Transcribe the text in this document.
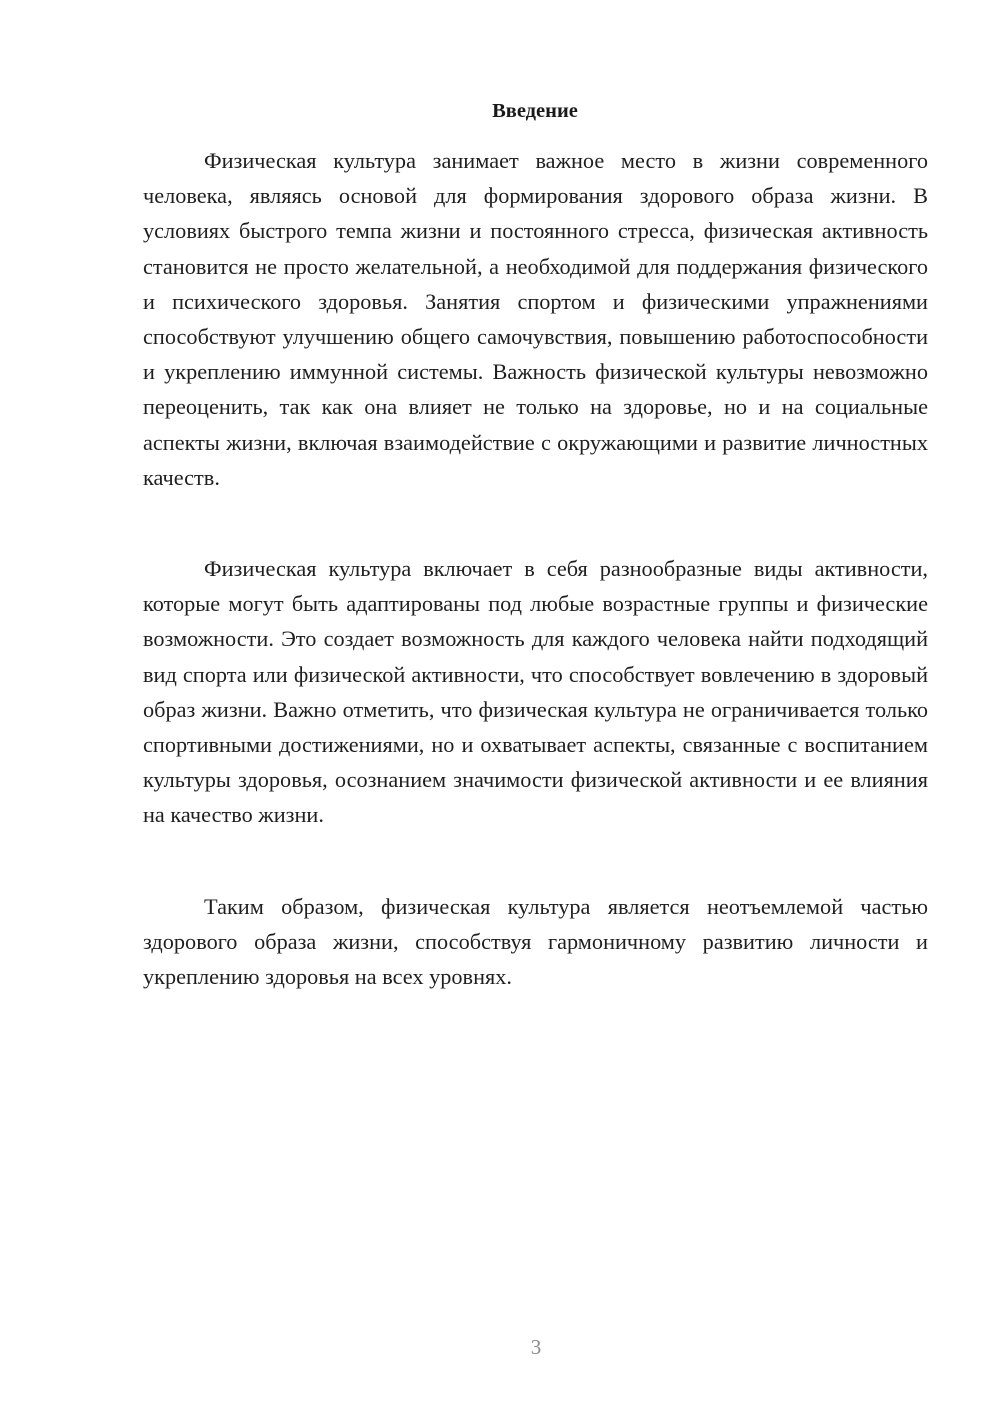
Введение

Физическая культура занимает важное место в жизни современного человека, являясь основой для формирования здорового образа жизни. В условиях быстрого темпа жизни и постоянного стресса, физическая активность становится не просто желательной, а необходимой для поддержания физического и психического здоровья. Занятия спортом и физическими упражнениями способствуют улучшению общего самочувствия, повышению работоспособности и укреплению иммунной системы. Важность физической культуры невозможно переоценить, так как она влияет не только на здоровье, но и на социальные аспекты жизни, включая взаимодействие с окружающими и развитие личностных качеств.

Физическая культура включает в себя разнообразные виды активности, которые могут быть адаптированы под любые возрастные группы и физические возможности. Это создает возможность для каждого человека найти подходящий вид спорта или физической активности, что способствует вовлечению в здоровый образ жизни. Важно отметить, что физическая культура не ограничивается только спортивными достижениями, но и охватывает аспекты, связанные с воспитанием культуры здоровья, осознанием значимости физической активности и ее влияния на качество жизни.

Таким образом, физическая культура является неотъемлемой частью здорового образа жизни, способствуя гармоничному развитию личности и укреплению здоровья на всех уровнях.

3
